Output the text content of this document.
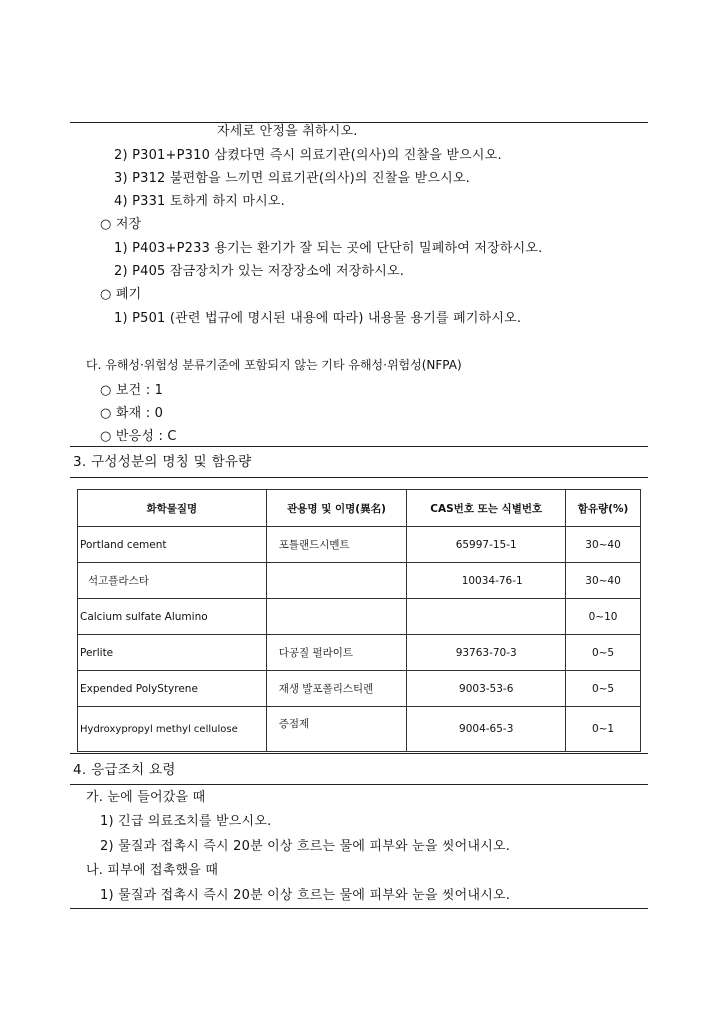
자세로 안정을 취하시오.
2) P301+P310 삼켰다면 즉시 의료기관(의사)의 진찰을 받으시오.
3) P312 불편함을 느끼면 의료기관(의사)의 진찰을 받으시오.
4) P331 토하게 하지 마시오.
○ 저장
1) P403+P233 용기는 환기가 잘 되는 곳에 단단히 밀폐하여 저장하시오.
2) P405 잠금장치가 있는 저장장소에 저장하시오.
○ 폐기
1) P501 (관련 법규에 명시된 내용에 따라) 내용물 용기를 폐기하시오.
다. 유해성·위험성 분류기준에 포함되지 않는 기타 유해성·위험성(NFPA)
○ 보건 : 1
○ 화재 : 0
○ 반응성 : C
3. 구성성분의 명칭 및 함유량
화학물질명	관용명 및 이명(異名)	CAS번호 또는 식별번호	함유량(%)
Portland cement	포틀랜드시멘트	65997-15-1	30~40
석고플라스타		10034-76-1	30~40
Calcium sulfate Alumino			0~10
Perlite	다공질 펄라이트	93763-70-3	0~5
Expended PolyStyrene	재생 발포폴리스티렌	9003-53-6	0~5
Hydroxypropyl methyl cellulose	증점제	9004-65-3	0~1
4. 응급조치 요령
가. 눈에 들어갔을 때
1) 긴급 의료조치를 받으시오.
2) 물질과 접촉시 즉시 20분 이상 흐르는 물에 피부와 눈을 씻어내시오.
나. 피부에 접촉했을 때
1) 물질과 접촉시 즉시 20분 이상 흐르는 물에 피부와 눈을 씻어내시오.
